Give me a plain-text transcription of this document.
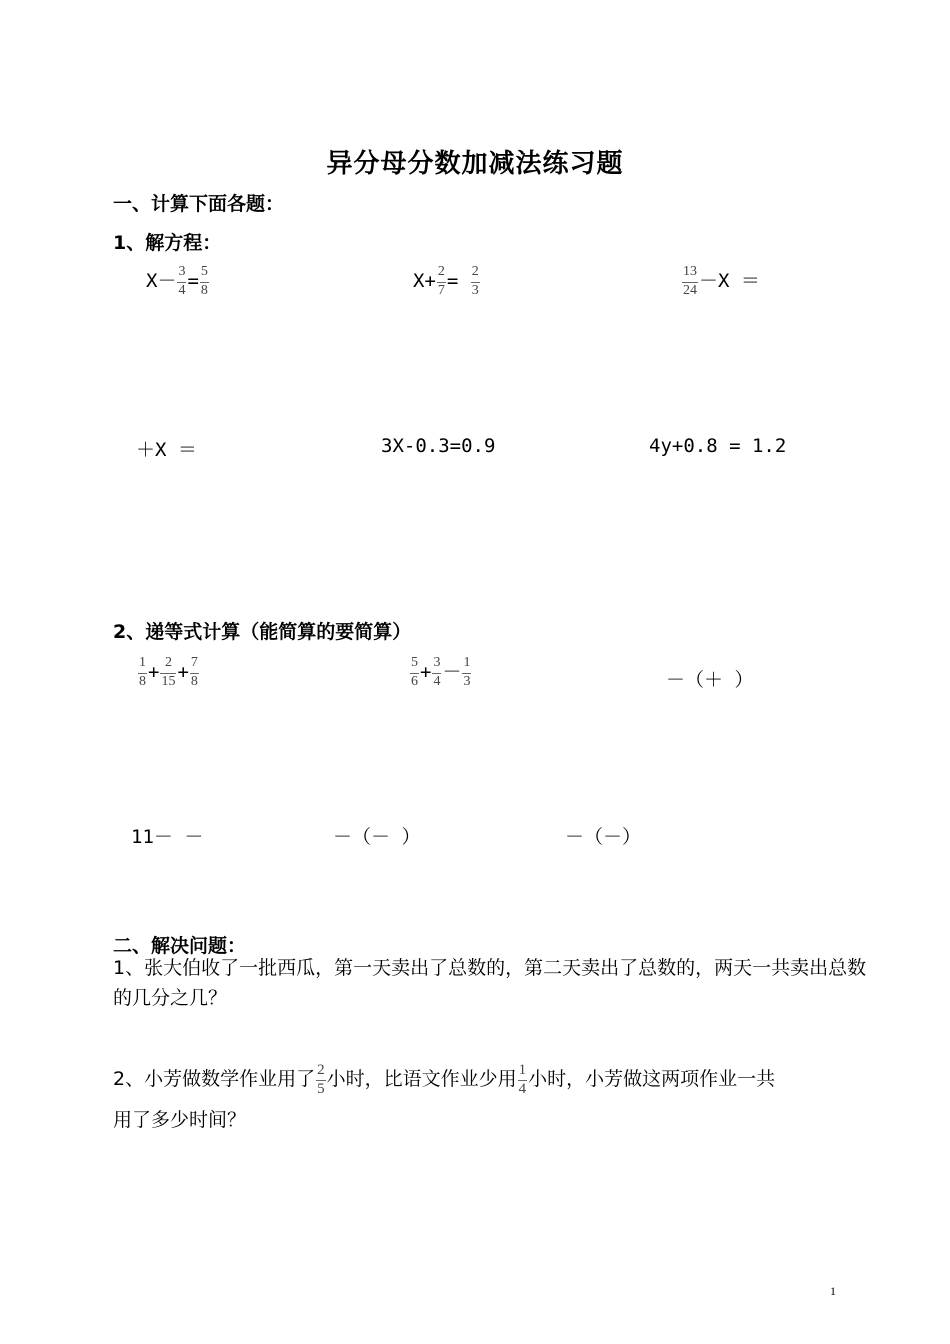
异分母分数加减法练习题
一、计算下面各题：
1、解方程：
$X- \frac{3}{4} = \frac{5}{8}$	$X+ \frac{2}{7} = \frac{2}{3}$	$\frac{13}{24} -X$ ＝
＋X ＝	3X-0.3=0.9	4y+0.8 = 1.2
2、递等式计算（能简算的要简算）
$\frac{1}{8} + \frac{2}{15} + \frac{7}{8}$	$\frac{5}{6} + \frac{3}{4} - \frac{1}{3}$	－（＋ ）
11－ －	－（－ ）	－（－）
二、解决问题：
1、张大伯收了一批西瓜，第一天卖出了总数的，第二天卖出了总数的，两天一共卖出总数的几分之几？
2、小芳做数学作业用了 $\frac{2}{5}$ 小时，比语文作业少用 $\frac{1}{4}$ 小时，小芳做这两项作业一共
用了多少时间？
1
